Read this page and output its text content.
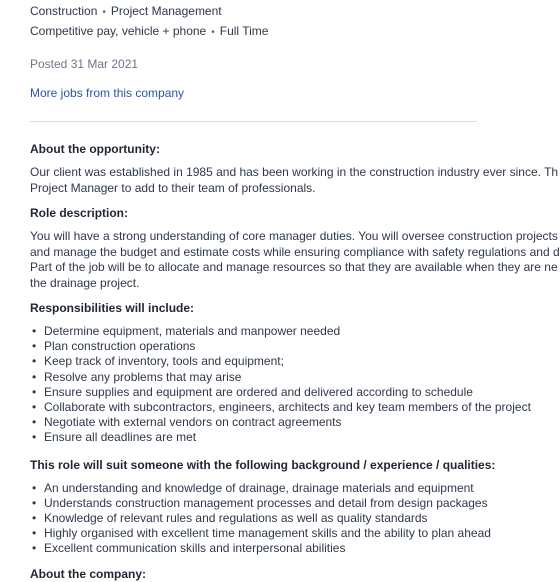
Construction • Project Management
Competitive pay, vehicle + phone • Full Time
Posted 31 Mar 2021
More jobs from this company
About the opportunity:

Our client was established in 1985 and has been working in the construction industry ever since. Th

Project Manager to add to their team of professionals.

Role description:

You will have a strong understanding of core manager duties. You will oversee construction projects

and manage the budget and estimate costs while ensuring compliance with safety regulations and d

Part of the job will be to allocate and manage resources so that they are available when they are ne

the drainage project.

Responsibilities will include:
• Determine equipment, materials and manpower needed
• Plan construction operations
• Keep track of inventory, tools and equipment;
• Resolve any problems that may arise
• Ensure supplies and equipment are ordered and delivered according to schedule
• Collaborate with subcontractors, engineers, architects and key team members of the project
• Negotiate with external vendors on contract agreements
• Ensure all deadlines are met
This role will suit someone with the following background / experience / qualities:
• An understanding and knowledge of drainage, drainage materials and equipment
• Understands construction management processes and detail from design packages
• Knowledge of relevant rules and regulations as well as quality standards
• Highly organised with excellent time management skills and the ability to plan ahead
• Excellent communication skills and interpersonal abilities
About the company:
